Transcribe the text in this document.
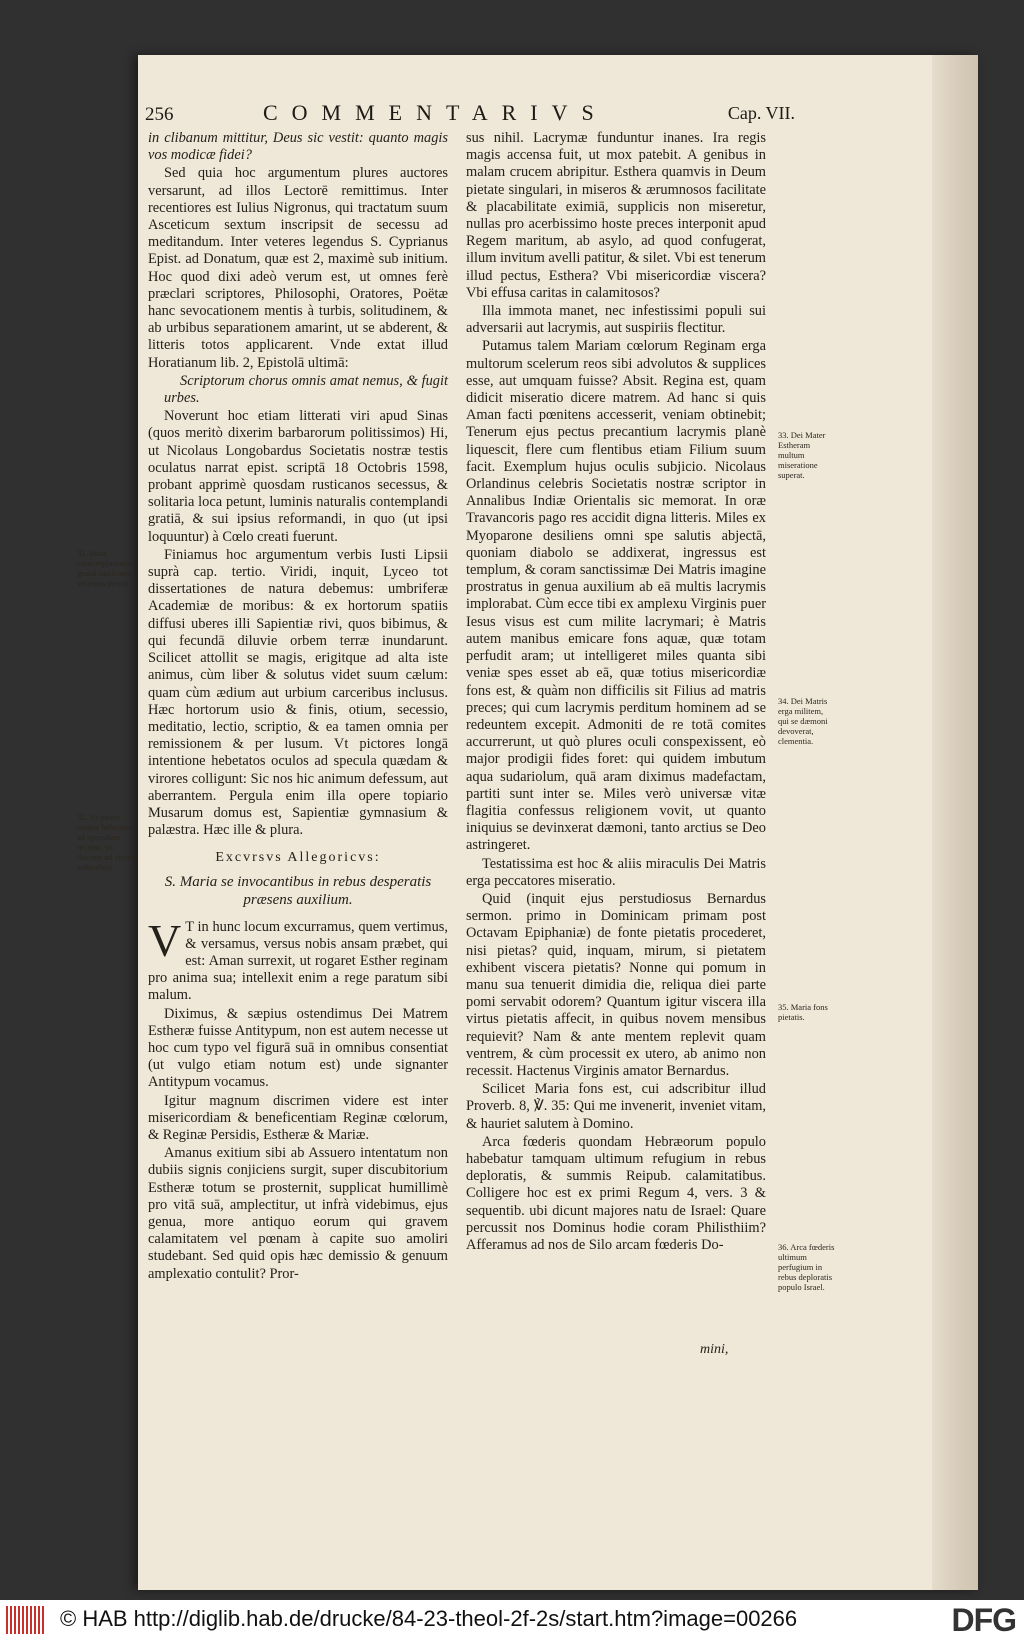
256	COMMENTARIVS	Cap. VII.

in clibanum mittitur, Deus sic vestit: quanto magis vos modicæ fidei?

Sed quia hoc argumentum plures auctores versarunt, ad illos Lectorē remittimus. Inter recentiores est Iulius Nigronus, qui tractatum suum Asceticum sextum inscripsit de secessu ad meditandum. Inter veteres legendus S. Cyprianus Epist. ad Donatum, quæ est 2, maximè sub initium. Hoc quod dixi adeò verum est, ut omnes ferè præclari scriptores, Philosophi, Oratores, Poëtæ hanc sevocationem mentis à turbis, solitudinem, & ab urbibus separationem amarint, ut se abderent, & litteris totos applicarent. Vnde extat illud Horatianum lib. 2, Epistolā ultimā:

Scriptorum chorus omnis amat nemus, & fugit urbes.

Noverunt hoc etiam litterati viri apud Sinas (quos meritò dixerim barbarorum politissimos) Hi, ut Nicolaus Longobardus Societatis nostræ testis oculatus narrat epist. scriptā 18 Octobris 1598, probant apprimè quosdam rusticanos secessus, & solitaria loca petunt, luminis naturalis contemplandi gratiā, & sui ipsius reformandi, in quo (ut ipsi loquuntur) à Cœlo creati fuerunt.

Finiamus hoc argumentum verbis Iusti Lipsii suprà cap. tertio. Viridi, inquit, Lyceo tot dissertationes de natura debemus: umbriferæ Academiæ de moribus: & ex hortorum spatiis diffusi uberes illi Sapientiæ rivi, quos bibimus, & qui fecundā diluvie orbem terræ inundarunt. Scilicet attollit se magis, erigitque ad alta iste animus, cùm liber & solutus videt suum cælum: quam cùm ædium aut urbium carceribus inclusus. Hæc hortorum usio & finis, otium, secessio, meditatio, lectio, scriptio, & ea tamen omnia per remissionem & per lusum. Vt pictores longā intentione hebetatos oculos ad specula quædam & virores colligunt: Sic nos hic animum defessum, aut aberrantem. Pergula enim illa opere topiario Musarum domus est, Sapientiæ gymnasium & palæstra. Hæc ille & plura.

Excvrsvs Allegoricvs:
S. Maria se invocantibus in rebus desperatis præsens auxilium.

V T in hunc locum excurramus, quem vertimus, & versamus, versus nobis ansam præbet, qui est: Aman surrexit, ut rogaret Esther reginam pro anima sua; intellexit enim a rege paratum sibi malum.

Diximus, & sæpius ostendimus Dei Matrem Estheræ fuisse Antitypum, non est autem necesse ut hoc cum typo vel figurā suā in omnibus consentiat (ut vulgo etiam notum est) unde signanter Antitypum vocamus.

Igitur magnum discrimen videre est inter misericordiam & beneficentiam Reginæ cœlorum, & Reginæ Persidis, Estheræ & Mariæ.

Amanus exitium sibi ab Assuero intentatum non dubiis signis conjiciens surgit, super discubitorium Estheræ totum se prosternit, supplicat humillimè pro vitā suā, amplectitur, ut infrà videbimus, ejus genua, more antiquo eorum qui gravem calamitatem vel pœnam à capite suo amoliri studebant. Sed quid opis hæc demissio & genuum amplexatio contulit? Pror-

sus nihil. Lacrymæ funduntur inanes. Ira regis magis accensa fuit, ut mox patebit. A genibus in malam crucem abripitur. Esthera quamvis in Deum pietate singulari, in miseros & ærumnosos facilitate & placabilitate eximiā, supplicis non miseretur, nullas pro acerbissimo hoste preces interponit apud Regem maritum, ab asylo, ad quod confugerat, illum invitum avelli patitur, & silet. Vbi est tenerum illud pectus, Esthera? Vbi misericordiæ viscera? Vbi effusa caritas in calamitosos?

Illa immota manet, nec infestissimi populi sui adversarii aut lacrymis, aut suspiriis flectitur.

Putamus talem Mariam cœlorum Reginam erga multorum scelerum reos sibi advolutos & supplices esse, aut umquam fuisse? Absit. Regina est, quam didicit miseratio dicere matrem. Ad hanc si quis Aman facti pœnitens accesserit, veniam obtinebit; Tenerum ejus pectus precantium lacrymis planè liquescit, flere cum flentibus etiam Filium suum facit. Exemplum hujus oculis subjicio. Nicolaus Orlandinus celebris Societatis nostræ scriptor in Annalibus Indiæ Orientalis sic memorat. In oræ Travancoris pago res accidit digna litteris. Miles ex Myoparone desiliens omni spe salutis abjectā, quoniam diabolo se addixerat, ingressus est templum, & coram sanctissimæ Dei Matris imagine prostratus in genua auxilium ab eā multis lacrymis implorabat. Cùm ecce tibi ex amplexu Virginis puer Iesus visus est cum milite lacrymari; è Matris autem manibus emicare fons aquæ, quæ totam perfudit aram; ut intelligeret miles quanta sibi veniæ spes esset ab eā, quæ totius misericordiæ fons est, & quàm non difficilis sit Filius ad matris preces; qui cum lacrymis perditum hominem ad se redeuntem excepit. Admoniti de re totā comites accurrerunt, ut quò plures oculi conspexissent, eò major prodigii fides foret: qui quidem imbutum aqua sudariolum, quā aram diximus madefactam, partiti sunt inter se. Miles verò universæ vitæ flagitia confessus religionem vovit, ut quanto iniquius se devinxerat dæmoni, tanto arctius se Deo astringeret.

Testatissima est hoc & aliis miraculis Dei Matris erga peccatores miseratio.

Quid (inquit ejus perstudiosus Bernardus sermon. primo in Dominicam primam post Octavam Epiphaniæ) de fonte pietatis procederet, nisi pietas? quid, inquam, mirum, si pietatem exhibent viscera pietatis? Nonne qui pomum in manu sua tenuerit dimidia die, reliqua diei parte pomi servabit odorem? Quantum igitur viscera illa virtus pietatis affecit, in quibus novem mensibus requievit? Nam & ante mentem replevit quam ventrem, & cùm processit ex utero, ab animo non recessit. Hactenus Virginis amator Bernardus.

Scilicet Maria fons est, cui adscribitur illud Proverb. 8, ℣. 35: Qui me invenerit, inveniet vitam, & hauriet salutem à Domino.

Arca fœderis quondam Hebræorum populo habebatur tamquam ultimum refugium in rebus deploratis, & summis Reipub. calamitatibus. Colligere hoc est ex primi Regum 4, vers. 3 & sequentib. ubi dicunt majores natu de Israel: Quare percussit nos Dominus hodie coram Philisthiim? Afferamus ad nos de Silo arcam fœderis Do-

31. Sinæ contemplationis gratiā rusticanos secessus petunt.
32. Vt pictor oculos hebetatos ad speculum recreat, sic Ascetæ ad vireta solitudinis.
33. Dei Mater Estheram multum miseratione superat.
34. Dei Matris erga militem, qui se dæmoni devoverat, clementia.
35. Maria fons pietatis.
36. Arca fœderis ultimum perfugium in rebus deploratis populo Israel.
mini,
© HAB http://diglib.hab.de/drucke/84-23-theol-2f-2s/start.htm?image=00266	DFG
